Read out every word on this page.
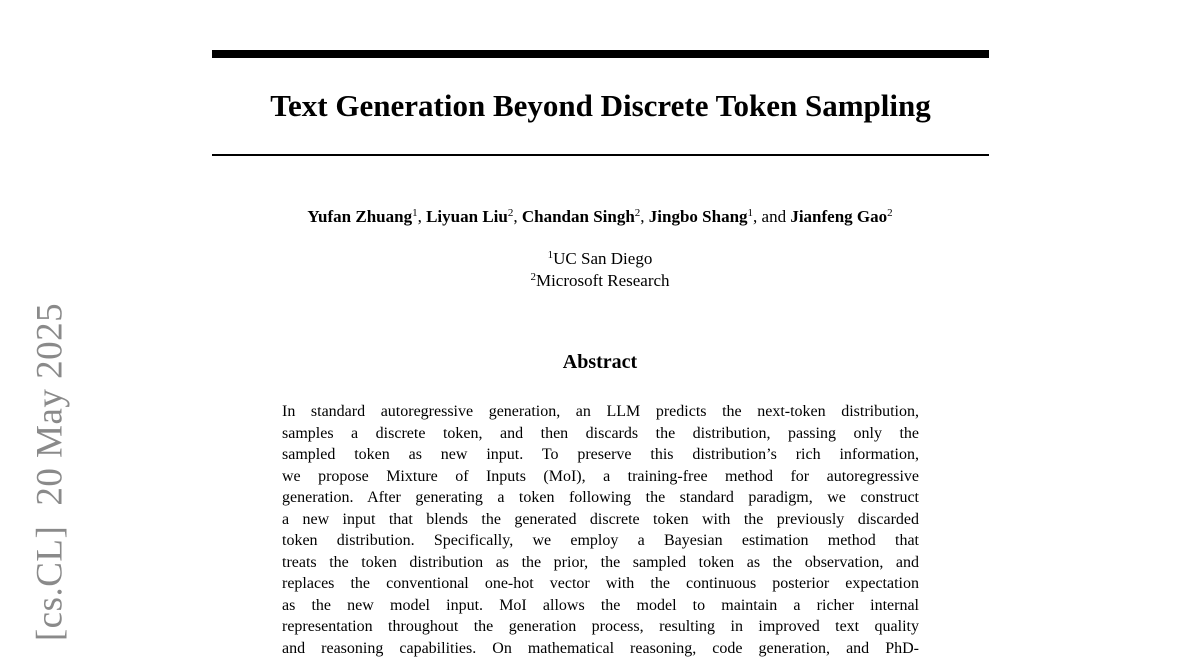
[cs.CL]20 May 2025
Text Generation Beyond Discrete Token Sampling
Yufan Zhuang$^1$, Liyuan Liu$^2$, Chandan Singh$^2$, Jingbo Shang$^1$, and Jianfeng Gao$^2$
$^1$UC San Diego
$^2$Microsoft Research
Abstract
In standard autoregressive generation, an LLM predicts the next-token distribution,
samples a discrete token, and then discards the distribution, passing only the
sampled token as new input. To preserve this distribution’s rich information,
we propose Mixture of Inputs (MoI), a training-free method for autoregressive
generation. After generating a token following the standard paradigm, we construct
a new input that blends the generated discrete token with the previously discarded
token distribution. Specifically, we employ a Bayesian estimation method that
treats the token distribution as the prior, the sampled token as the observation, and
replaces the conventional one-hot vector with the continuous posterior expectation
as the new model input. MoI allows the model to maintain a richer internal
representation throughout the generation process, resulting in improved text quality
and reasoning capabilities. On mathematical reasoning, code generation, and PhD-
